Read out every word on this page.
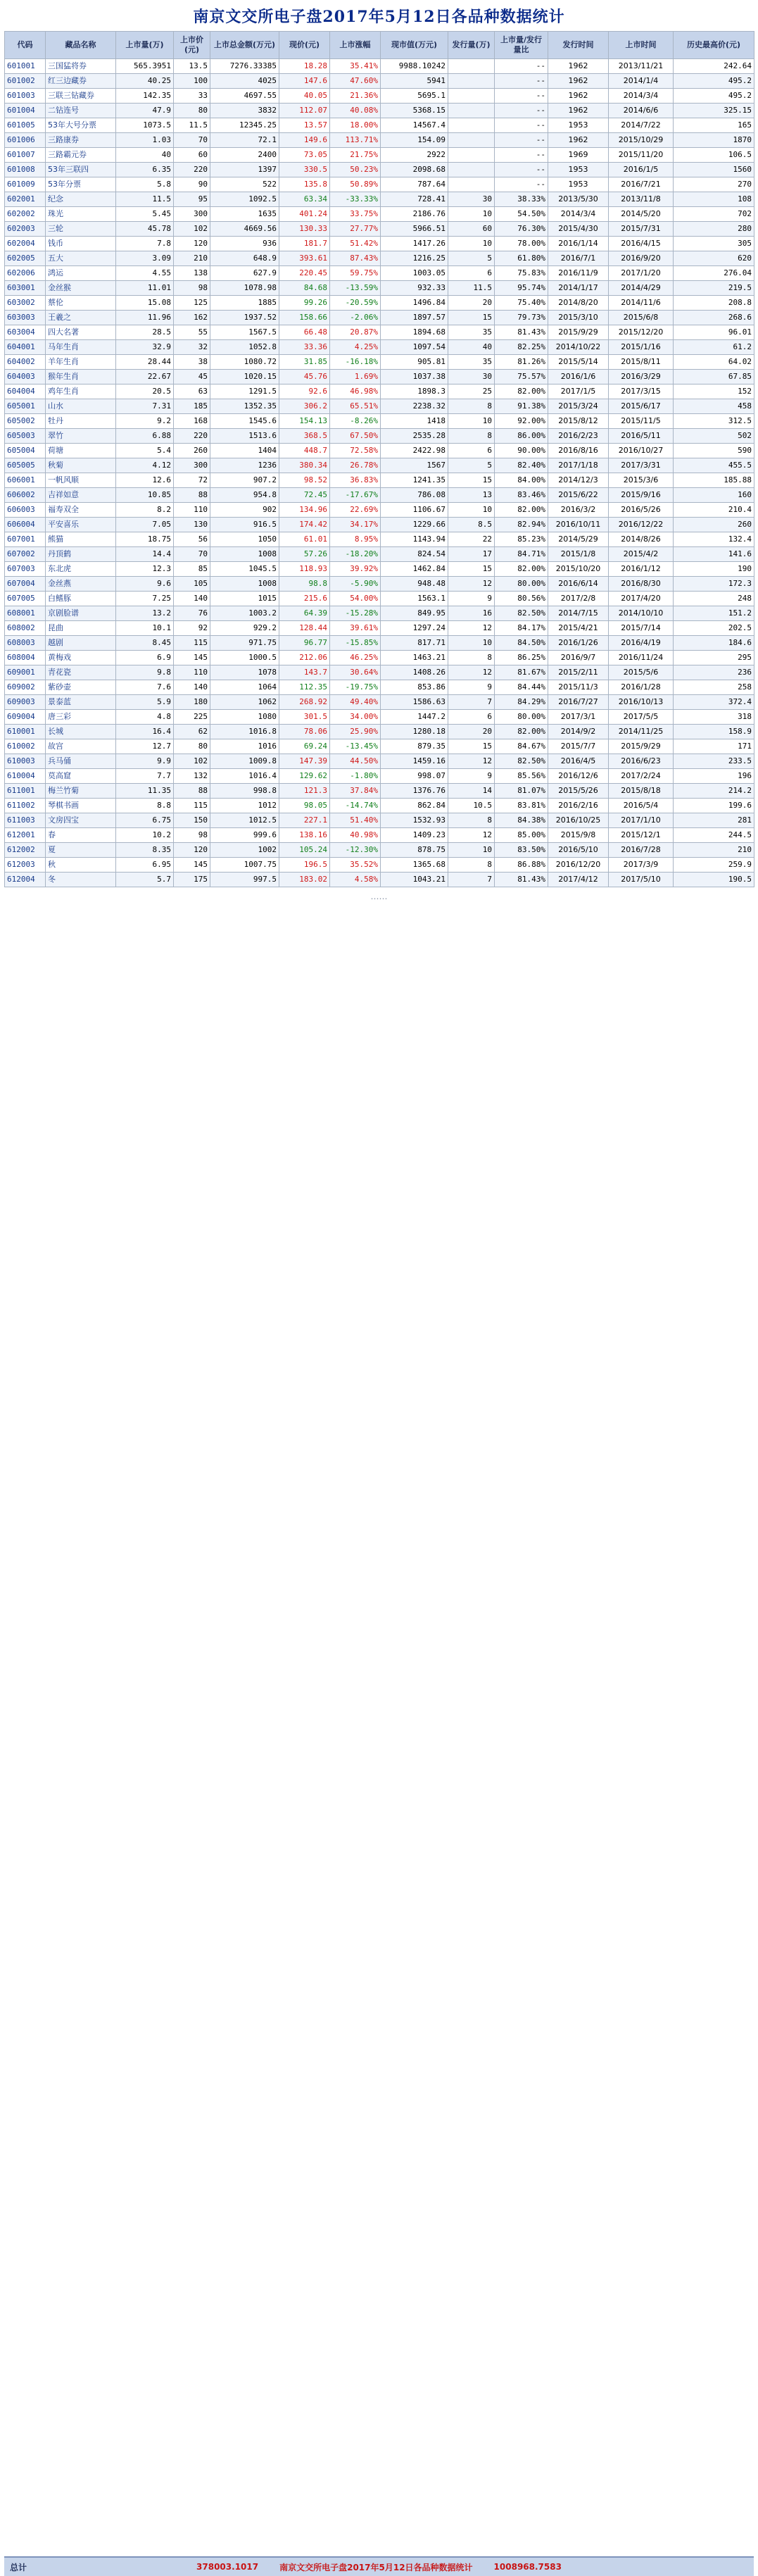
南京文交所电子盘2017年5月12日各品种数据统计
代码	藏品名称	上市量(万)	上市价(元)	上市总金额(万元)	现价(元)	上市涨幅	现市值(万元)	发行量(万)	上市量/发行量比	发行时间	上市时间	历史最高价(元)
601001	三国猛将券	565.3951	13.5	7276.33385	18.28	35.41%	9988.10242		--	1962	2013/11/21	242.64
601002	红三边藏券	40.25	100	4025	147.6	47.60%	5941		--	1962	2014/1/4	495.2
601003	三联三钻藏券	142.35	33	4697.55	40.05	21.36%	5695.1		--	1962	2014/3/4	495.2
601004	二钻连号	47.9	80	3832	112.07	40.08%	5368.15		--	1962	2014/6/6	325.15
601005	53年大号分票	1073.5	11.5	12345.25	13.57	18.00%	14567.4		--	1953	2014/7/22	165
601006	三路康券	1.03	70	72.1	149.6	113.71%	154.09		--	1962	2015/10/29	1870
601007	三路霸元券	40	60	2400	73.05	21.75%	2922		--	1969	2015/11/20	106.5
601008	53年三联四	6.35	220	1397	330.5	50.23%	2098.68		--	1953	2016/1/5	1560
601009	53年分票	5.8	90	522	135.8	50.89%	787.64		--	1953	2016/7/21	270
602001	纪念	11.5	95	1092.5	63.34	-33.33%	728.41	30	38.33%	2013/5/30	2013/11/8	108
602002	珠光	5.45	300	1635	401.24	33.75%	2186.76	10	54.50%	2014/3/4	2014/5/20	702
602003	三轮	45.78	102	4669.56	130.33	27.77%	5966.51	60	76.30%	2015/4/30	2015/7/31	280
602004	钱币	7.8	120	936	181.7	51.42%	1417.26	10	78.00%	2016/1/14	2016/4/15	305
602005	五大	3.09	210	648.9	393.61	87.43%	1216.25	5	61.80%	2016/7/1	2016/9/20	620
602006	鸿运	4.55	138	627.9	220.45	59.75%	1003.05	6	75.83%	2016/11/9	2017/1/20	276.04
603001	金丝猴	11.01	98	1078.98	84.68	-13.59%	932.33	11.5	95.74%	2014/1/17	2014/4/29	219.5
603002	蔡伦	15.08	125	1885	99.26	-20.59%	1496.84	20	75.40%	2014/8/20	2014/11/6	208.8
603003	王羲之	11.96	162	1937.52	158.66	-2.06%	1897.57	15	79.73%	2015/3/10	2015/6/8	268.6
603004	四大名著	28.5	55	1567.5	66.48	20.87%	1894.68	35	81.43%	2015/9/29	2015/12/20	96.01
604001	马年生肖	32.9	32	1052.8	33.36	4.25%	1097.54	40	82.25%	2014/10/22	2015/1/16	61.2
604002	羊年生肖	28.44	38	1080.72	31.85	-16.18%	905.81	35	81.26%	2015/5/14	2015/8/11	64.02
604003	猴年生肖	22.67	45	1020.15	45.76	1.69%	1037.38	30	75.57%	2016/1/6	2016/3/29	67.85
604004	鸡年生肖	20.5	63	1291.5	92.6	46.98%	1898.3	25	82.00%	2017/1/5	2017/3/15	152
605001	山水	7.31	185	1352.35	306.2	65.51%	2238.32	8	91.38%	2015/3/24	2015/6/17	458
605002	牡丹	9.2	168	1545.6	154.13	-8.26%	1418	10	92.00%	2015/8/12	2015/11/5	312.5
605003	翠竹	6.88	220	1513.6	368.5	67.50%	2535.28	8	86.00%	2016/2/23	2016/5/11	502
605004	荷塘	5.4	260	1404	448.7	72.58%	2422.98	6	90.00%	2016/8/16	2016/10/27	590
605005	秋菊	4.12	300	1236	380.34	26.78%	1567	5	82.40%	2017/1/18	2017/3/31	455.5
606001	一帆风顺	12.6	72	907.2	98.52	36.83%	1241.35	15	84.00%	2014/12/3	2015/3/6	185.88
606002	吉祥如意	10.85	88	954.8	72.45	-17.67%	786.08	13	83.46%	2015/6/22	2015/9/16	160
606003	福寿双全	8.2	110	902	134.96	22.69%	1106.67	10	82.00%	2016/3/2	2016/5/26	210.4
606004	平安喜乐	7.05	130	916.5	174.42	34.17%	1229.66	8.5	82.94%	2016/10/11	2016/12/22	260
607001	熊猫	18.75	56	1050	61.01	8.95%	1143.94	22	85.23%	2014/5/29	2014/8/26	132.4
607002	丹顶鹤	14.4	70	1008	57.26	-18.20%	824.54	17	84.71%	2015/1/8	2015/4/2	141.6
607003	东北虎	12.3	85	1045.5	118.93	39.92%	1462.84	15	82.00%	2015/10/20	2016/1/12	190
607004	金丝燕	9.6	105	1008	98.8	-5.90%	948.48	12	80.00%	2016/6/14	2016/8/30	172.3
607005	白鳍豚	7.25	140	1015	215.6	54.00%	1563.1	9	80.56%	2017/2/8	2017/4/20	248
608001	京剧脸谱	13.2	76	1003.2	64.39	-15.28%	849.95	16	82.50%	2014/7/15	2014/10/10	151.2
608002	昆曲	10.1	92	929.2	128.44	39.61%	1297.24	12	84.17%	2015/4/21	2015/7/14	202.5
608003	越剧	8.45	115	971.75	96.77	-15.85%	817.71	10	84.50%	2016/1/26	2016/4/19	184.6
608004	黄梅戏	6.9	145	1000.5	212.06	46.25%	1463.21	8	86.25%	2016/9/7	2016/11/24	295
609001	青花瓷	9.8	110	1078	143.7	30.64%	1408.26	12	81.67%	2015/2/11	2015/5/6	236
609002	紫砂壶	7.6	140	1064	112.35	-19.75%	853.86	9	84.44%	2015/11/3	2016/1/28	258
609003	景泰蓝	5.9	180	1062	268.92	49.40%	1586.63	7	84.29%	2016/7/27	2016/10/13	372.4
609004	唐三彩	4.8	225	1080	301.5	34.00%	1447.2	6	80.00%	2017/3/1	2017/5/5	318
610001	长城	16.4	62	1016.8	78.06	25.90%	1280.18	20	82.00%	2014/9/2	2014/11/25	158.9
610002	故宫	12.7	80	1016	69.24	-13.45%	879.35	15	84.67%	2015/7/7	2015/9/29	171
610003	兵马俑	9.9	102	1009.8	147.39	44.50%	1459.16	12	82.50%	2016/4/5	2016/6/23	233.5
610004	莫高窟	7.7	132	1016.4	129.62	-1.80%	998.07	9	85.56%	2016/12/6	2017/2/24	196
611001	梅兰竹菊	11.35	88	998.8	121.3	37.84%	1376.76	14	81.07%	2015/5/26	2015/8/18	214.2
611002	琴棋书画	8.8	115	1012	98.05	-14.74%	862.84	10.5	83.81%	2016/2/16	2016/5/4	199.6
611003	文房四宝	6.75	150	1012.5	227.1	51.40%	1532.93	8	84.38%	2016/10/25	2017/1/10	281
612001	春	10.2	98	999.6	138.16	40.98%	1409.23	12	85.00%	2015/9/8	2015/12/1	244.5
612002	夏	8.35	120	1002	105.24	-12.30%	878.75	10	83.50%	2016/5/10	2016/7/28	210
612003	秋	6.95	145	1007.75	196.5	35.52%	1365.68	8	86.88%	2016/12/20	2017/3/9	259.9
612004	冬	5.7	175	997.5	183.02	4.58%	1043.21	7	81.43%	2017/4/12	2017/5/10	190.5
……
总计	378003.1017	南京文交所电子盘2017年5月12日各品种数据统计	1008968.7583
